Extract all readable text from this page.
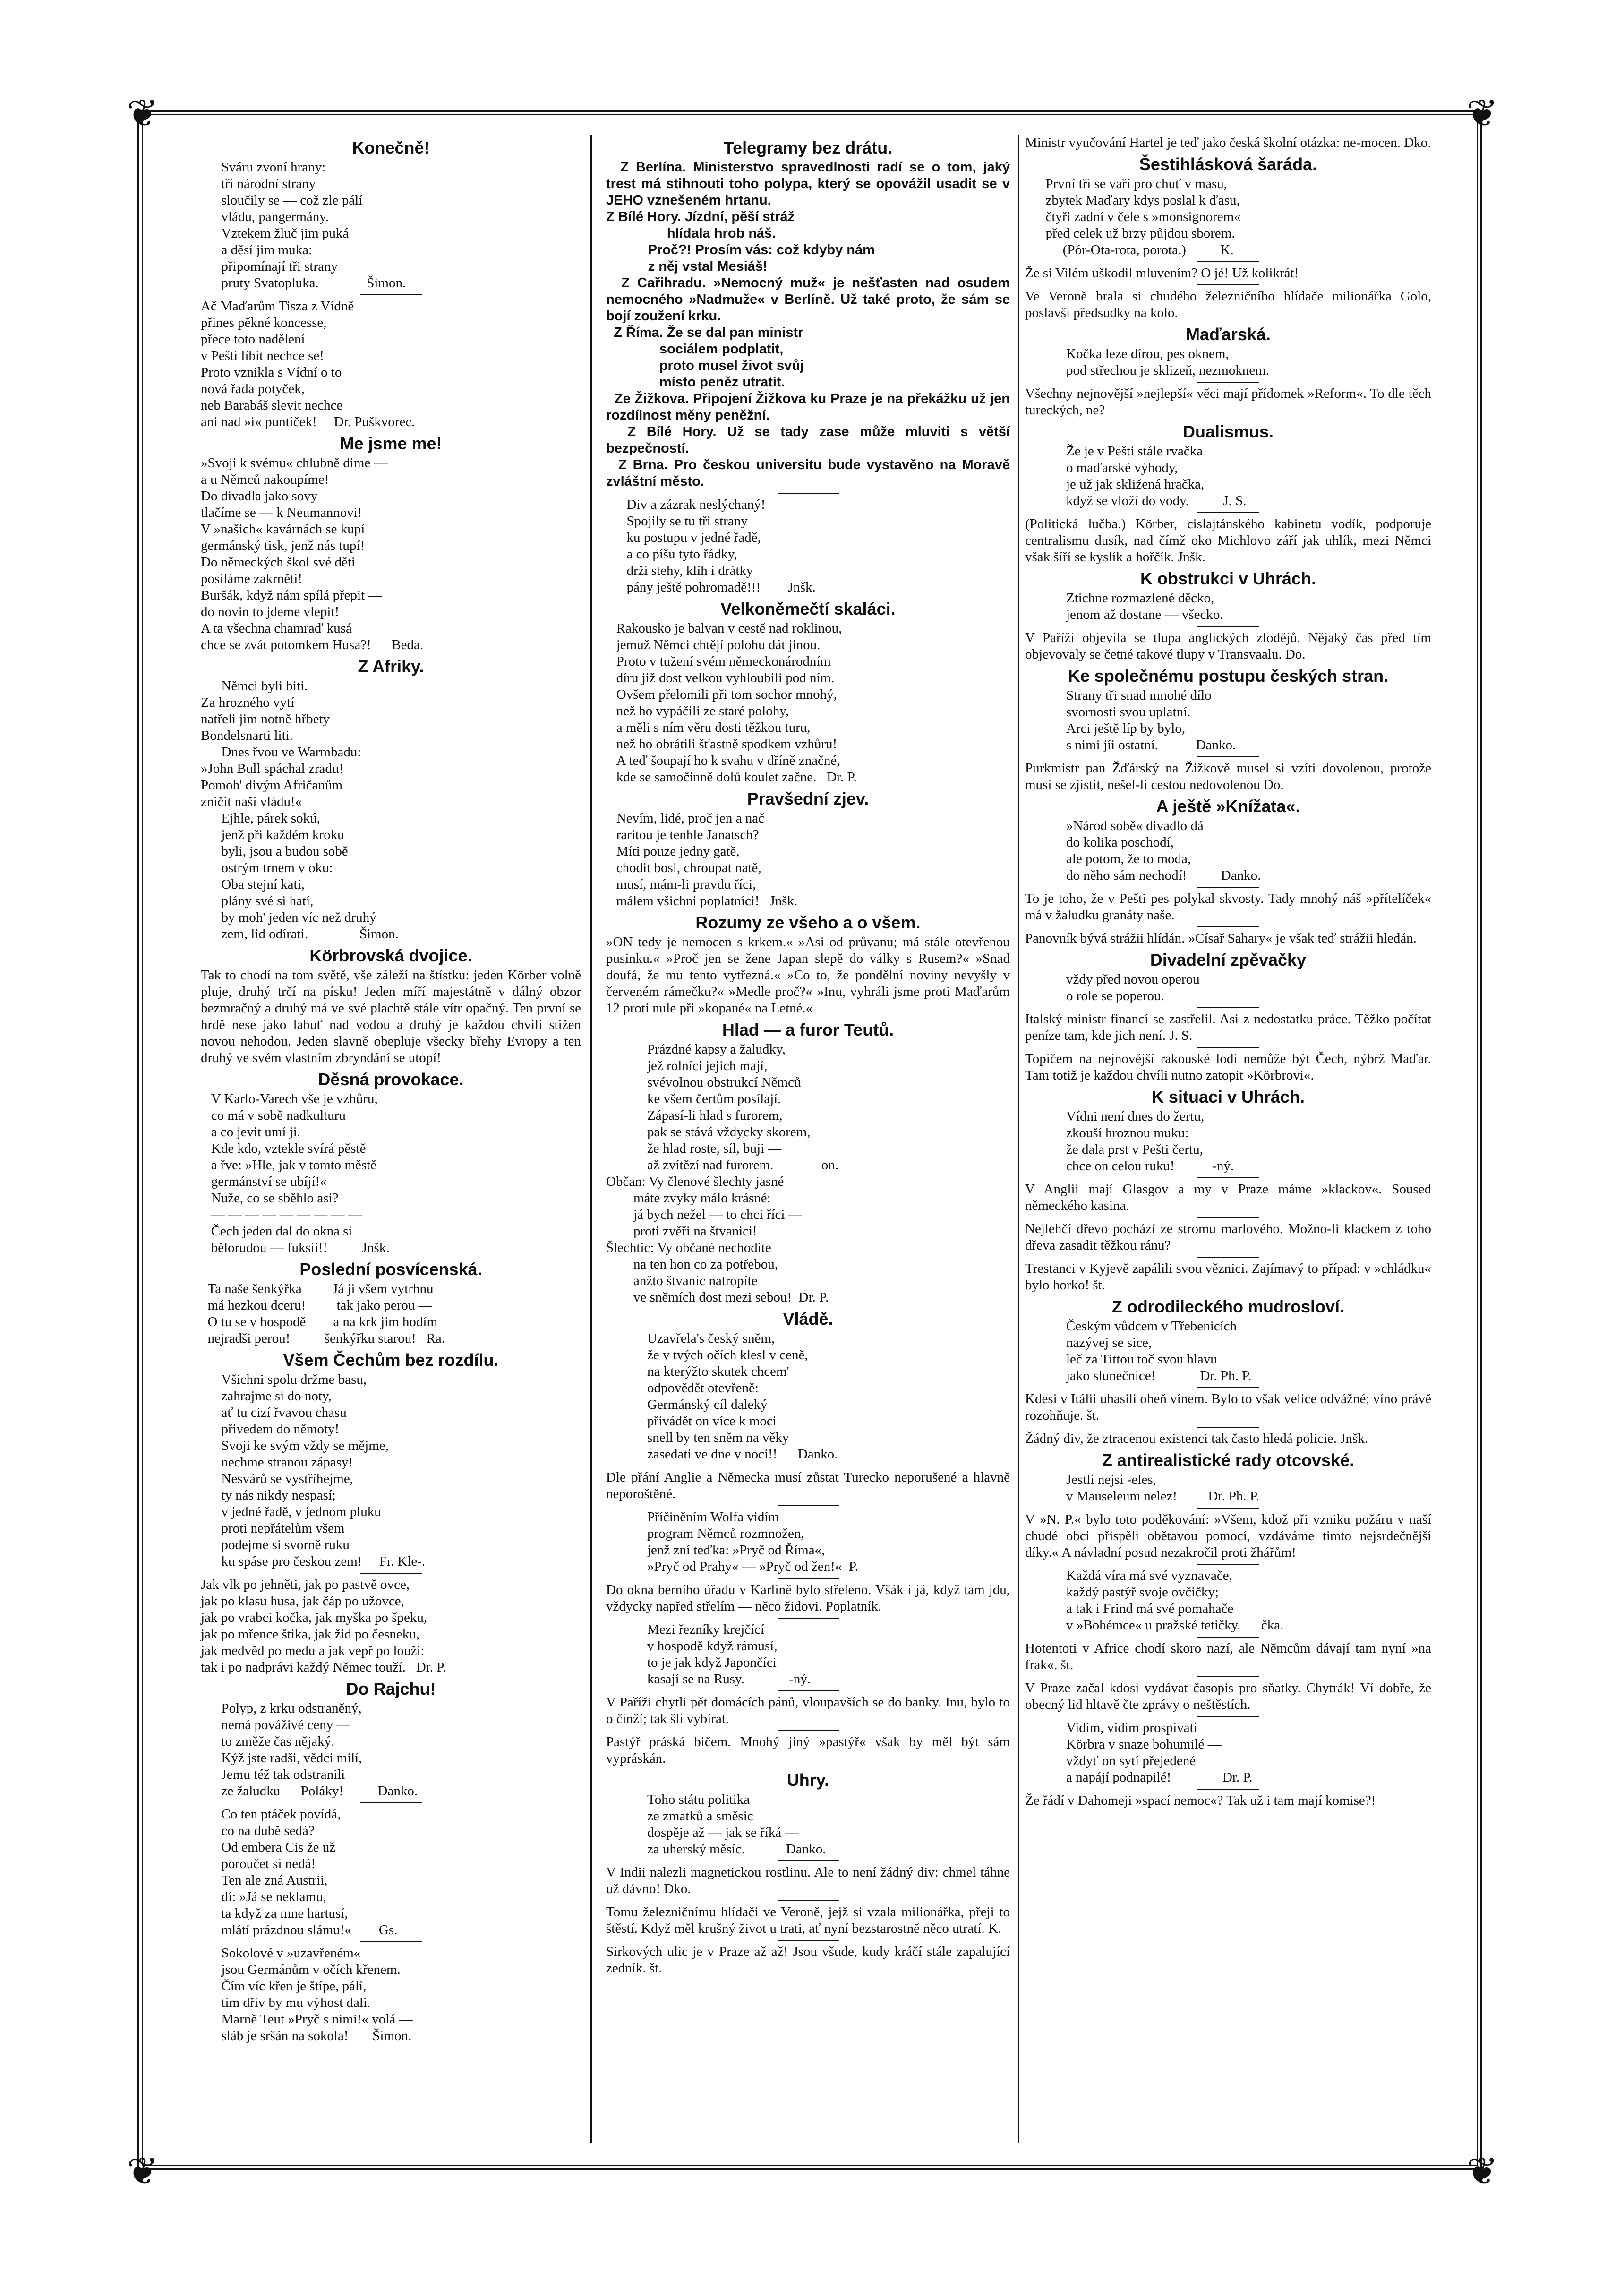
❦	❦
❦	❦
Konečně!
Sváru zvoní hrany:
tři národní strany
sloučily se — což zle pálí
vládu, pangermány.
Vztekem žluč jim puká
a děsí jim muka:
připomínají tři strany
pruty Svatopluka.              Šimon.
Ač Maďarům Tisza z Vídně
přines pěkné koncesse,
přece toto nadělení
v Pešti líbit nechce se!
Proto vznikla s Vídní o to
nová řada potyček,
neb Barabáš slevit nechce
ani nad »i« puntíček!     Dr. Puškvorec.
Me jsme me!
»Svoji k svému« chlubně dime —
a u Němců nakoupíme!
Do divadla jako sovy
tlačíme se — k Neumannovi!
V »našich« kavárnách se kupí
germánský tisk, jenž nás tupí!
Do německých škol své děti
posíláme zakrnětí!
Buršák, když nám spílá přepit —
do novin to jdeme vlepit!
A ta všechna chamraď kusá
chce se zvát potomkem Husa?!      Beda.
Z Afriky.
Němci byli biti.
Za hrozného vytí
natřeli jim notně hřbety
Bondelsnarti liti.
Dnes řvou ve Warmbadu:
»John Bull spáchal zradu!
Pomoh' divým Afričanům
zničit naši vládu!«
Ejhle, párek sokú,
jenž při každém kroku
byli, jsou a budou sobě
ostrým trnem v oku:
Oba stejní kati,
plány své si hatí,
by moh' jeden víc než druhý
zem, lid odírati.               Šimon.
Körbrovská dvojice.

Tak to chodí na tom světě, vše záleží na štístku: jeden Körber volně pluje, druhý trčí na písku! Jeden míří majestátně v dálný obzor bezmračný a druhý má ve své plachtě stále vítr opačný. Ten první se hrdě nese jako labuť nad vodou a druhý je každou chvílí stižen novou nehodou. Jeden slavně obepluje všecky břehy Evropy a ten druhý ve svém vlastním zbryndání se utopí!

Děsná provokace.
V Karlo-Varech vše je vzhůru,
co má v sobě nadkulturu
a co jevit umí ji.
Kde kdo, vztekle svírá pěstě
a řve: »Hle, jak v tomto městě
germánství se ubíjí!«
Nuže, co se sběhlo asi?
— — — — — — — — —
Čech jeden dal do okna si
bělorudou — fuksii!!          Jnšk.
Poslední posvícenská.
Ta naše šenkýřka         Já ji všem vytrhnu
má hezkou dceru!         tak jako perou —
O tu se v hospodě        a na krk jim hodím
nejradši perou!          šenkýřku starou!   Ra.
Všem Čechům bez rozdílu.
Všichni spolu držme basu,
zahrajme si do noty,
ať tu cizí řvavou chasu
přivedem do němoty!
Svoji ke svým vždy se mějme,
nechme stranou zápasy!
Nesvárů se vystříhejme,
ty nás nikdy nespasí;
v jedné řadě, v jednom pluku
proti nepřátelům všem
podejme si svorně ruku
ku spáse pro českou zem!     Fr. Kle-.
Jak vlk po jehněti, jak po pastvě ovce,
jak po klasu husa, jak čáp po užovce,
jak po vrabci kočka, jak myška po špeku,
jak po mřence štika, jak žid po česneku,
jak medvěd po medu a jak vepř po louži:
tak i po nadprávi každý Němec touží.   Dr. P.
Do Rajchu!
Polyp, z krku odstraněný,
nemá pováživé ceny —
to změže čas nějaký.
Kýž jste radši, vědci milí,
Jemu též tak odstranili
ze žaludku — Poláky!          Danko.
Co ten ptáček povídá,
co na dubě sedá?
Od embera Cis že už
poroučet si nedá!
Ten ale zná Austrii,
dí: »Já se neklamu,
ta když za mne hartusí,
mlátí prázdnou slámu!«        Gs.
Sokolové v »uzavřeném«
jsou Germánům v očích křenem.
Čím víc křen je štípe, pálí,
tím dřív by mu výhost dali.
Marně Teut »Pryč s nimi!« volá —
sláb je sršán na sokola!       Šimon.
Telegramy bez drátu.
Z Berlína. Ministerstvo spravedlnosti radí se o tom, jaký trest má stihnouti toho polypa, který se opovážil usadit se v JEHO vznešeném hrtanu.
Z Bílé Hory. Jízdní, pěší stráž
hlídala hrob náš.
Proč?! Prosím vás: což kdyby nám
z něj vstal Mesiáš!
Z Cařihradu. »Nemocný muž« je nešťasten nad osudem nemocného »Nadmuže« v Berlíně. Už také proto, že sám se bojí zoužení krku.
Z Říma. Že se dal pan ministr
sociálem podplatit,
proto musel život svůj
místo peněz utratit.
Ze Žižkova. Připojení Žižkova ku Praze je na překážku už jen rozdílnost měny peněžní.
Z Bílé Hory. Už se tady zase může mluviti s větší bezpečností.
Z Brna. Pro českou universitu bude vystavěno na Moravě zvláštní město.
Div a zázrak neslýchaný!
Spojily se tu tři strany
ku postupu v jedné řadě,
a co píšu tyto řádky,
drží stehy, klih i drátky
pány ještě pohromadě!!!        Jnšk.
Velkoněmečtí skaláci.
Rakousko je balvan v cestě nad roklinou,
jemuž Němci chtějí polohu dát jinou.
Proto v tužení svém německonárodním
díru již dost velkou vyhloubili pod ním.
Ovšem přelomili při tom sochor mnohý,
než ho vypáčili ze staré polohy,
a měli s ním věru dosti těžkou turu,
než ho obrátili šťastně spodkem vzhůru!
A teď šoupají ho k svahu v dříně značné,
kde se samočinně dolů koulet začne.   Dr. P.
Pravšední zjev.
Nevím, lidé, proč jen a nač
raritou je tenhle Janatsch?
Míti pouze jedny gatě,
chodit bosi, chroupat natě,
musí, mám-li pravdu říci,
málem všichni poplatníci!   Jnšk.
Rozumy ze všeho a o všem.

»ON tedy je nemocen s krkem.« »Asi od průvanu; má stále otevřenou pusinku.« »Proč jen se žene Japan slepě do války s Rusem?« »Snad doufá, že mu tento vytřezná.« »Co to, že pondělní noviny nevyšly v červeném rámečku?« »Medle proč?« »Inu, vyhráli jsme proti Maďarům 12 proti nule při »kopané« na Letné.«

Hlad — a furor Teutů.
Prázdné kapsy a žaludky,
jež rolníci jejich mají,
svévolnou obstrukcí Němců
ke všem čertům posílají.
Zápasí-li hlad s furorem,
pak se stává vždycky skorem,
že hlad roste, síl, buji —
až zvítězí nad furorem.              on.
Občan: Vy členové šlechty jasné
máte zvyky málo krásné:
já bych nežel — to chci říci —
proti zvěři na štvanici!
Šlechtic: Vy občané nechodíte
na ten hon co za potřebou,
anžto štvanic natropíte
ve sněmích dost mezi sebou!  Dr. P.
Vládě.
Uzavřela's český sněm,
že v tvých očích klesl v ceně,
na kterýžto skutek chcem'
odpovědět otevřeně:
Germánský cíl daleký
přivádět on více k moci
snell by ten sněm na věky
zasedati ve dne v noci!!      Danko.

Dle přání Anglie a Německa musí zůstat Turecko neporušené a hlavně neporoštěné.

Příčiněním Wolfa vidím
program Němců rozmnožen,
jenž zní teďka: »Pryč od Říma«,
»Pryč od Prahy« — »Pryč od žen!«  P.

Do okna berního úřadu v Karlině bylo střeleno. Všák i já, když tam jdu, vždycky napřed střelím — něco židovi. Poplatník.

Mezi řezníky krejčící
v hospodě když rámusí,
to je jak když Japončíci
kasají se na Rusy.             -ný.

V Paříži chytli pět domácích pánů, vloupavších se do banky. Inu, bylo to o činží; tak šli vybírat.

Pastýř práská bičem. Mnohý jiný »pastýř« však by měl být sám vypráskán.

Uhry.
Toho státu politika
ze zmatků a směsic
dospěje až — jak se říká —
za uherský měsíc.            Danko.

V Indii nalezli magnetickou rostlinu. Ale to není žádný div: chmel táhne už dávno! Dko.

Tomu železničnímu hlídači ve Veroně, jejž si vzala milionářka, přeji to štěstí. Když měl krušný život u trati, ať nyní bezstarostně něco utratí. K.

Sirkových ulic je v Praze až až! Jsou všude, kudy kráčí stále zapalující zedník. št.

Ministr vyučování Hartel je teď jako česká školní otázka: ne-mocen. Dko.

Šestihlásková šaráda.
První tři se vaří pro chuť v masu,
zbytek Maďary kdys poslal k ďasu,
čtyři zadní v čele s »monsignorem«
před celek už brzy půjdou sborem.
(Pór-Ota-rota, porota.)          K.

Že si Vilém uškodil mluvením? O jé! Už kolikrát!

Ve Veroně brala si chudého železničního hlídače milionářka Golo, poslavši předsudky na kolo.

Maďarská.
Kočka leze dírou, pes oknem,
pod střechou je sklizeň, nezmoknem.

Všechny nejnovější »nejlepší« věci mají přídomek »Reform«. To dle těch tureckých, ne?

Dualismus.
Že je v Pešti stále rvačka
o maďarské výhody,
je už jak skližená hračka,
když se vloží do vody.          J. S.

(Politická lučba.) Körber, cislajtánského kabinetu vodík, podporuje centralismu dusík, nad čímž oko Michlovo září jak uhlík, mezi Němci však šíří se kyslík a hořčík. Jnšk.

K obstrukci v Uhrách.
Ztichne rozmazlené děcko,
jenom až dostane — všecko.

V Paříži objevila se tlupa anglických zlodějů. Nějaký čas před tím objevovaly se četné takové tlupy v Transvaalu. Do.

Ke společnému postupu českých stran.
Strany tři snad mnohé dílo
svornosti svou uplatní.
Arci ještě líp by bylo,
s nimi jíi ostatní.           Danko.

Purkmistr pan Žďárský na Žižkově musel si vzíti dovolenou, protože musí se zjistit, nešel-li cestou nedovolenou Do.

A ještě »Knížata«.
»Národ sobě« divadlo dá
do kolika poschodí,
ale potom, že to moda,
do něho sám nechodí!          Danko.

To je toho, že v Pešti pes polykal skvosty. Tady mnohý náš »přítelíček« má v žaludku granáty naše.

Panovník bývá strážii hlídán. »Císař Sahary« je však teď strážii hledán.

Divadelní zpěvačky
vždy před novou operou
o role se poperou.

Italský ministr financí se zastřelil. Asi z nedostatku práce. Těžko počítat peníze tam, kde jich není. J. S.

Topičem na nejnovější rakouské lodi nemůže být Čech, nýbrž Maďar. Tam totiž je každou chvíli nutno zatopit »Körbrovi«.

K situaci v Uhrách.
Vídni není dnes do žertu,
zkouší hroznou muku:
že dala prst v Pešti čertu,
chce on celou ruku!           -ný.

V Anglii mají Glasgov a my v Praze máme »klackov«. Soused německého kasina.

Nejlehčí dřevo pochází ze stromu marlového. Možno-li klackem z toho dřeva zasadit těžkou ránu?

Trestanci v Kyjevě zapálili svou věznici. Zajímavý to případ: v »chládku« bylo horko! št.

Z odrodileckého mudrosloví.
Českým vůdcem v Třebenicích
nazývej se sice,
leč za Tittou toč svou hlavu
jako slunečnice!             Dr. Ph. P.

Kdesi v Itálii uhasili oheň vínem. Bylo to však velice odvážné; víno právě rozohňuje. št.

Žádný div, že ztracenou existenci tak často hledá policie. Jnšk.

Z antirealistické rady otcovské.
Jestli nejsi -eles,
v Mauseleum nelez!         Dr. Ph. P.

V »N. P.« bylo toto poděkování: »Všem, kdož při vzniku požáru v naší chudé obci přispěli obětavou pomocí, vzdáváme timto nejsrdečnější díky.« A návladní posud nezakročil proti žhářům!

Každá víra má své vyznavače,
každý pastýř svoje ovčičky;
a tak i Frind má své pomahače
v »Bohémce« u pražské tetičky.      čka.

Hotentoti v Africe chodí skoro nazí, ale Němcům dávají tam nyní »na frak«. št.

V Praze začal kdosi vydávat časopis pro sňatky. Chytrák! Ví dobře, že obecný lid hltavě čte zprávy o neštěstích.

Vidím, vidím prospívati
Körbra v snaze bohumilé —
vždyť on sytí přejedené
a napájí podnapilé!               Dr. P.

Že řádí v Dahomeji »spací nemoc«? Tak už i tam mají komise?!
